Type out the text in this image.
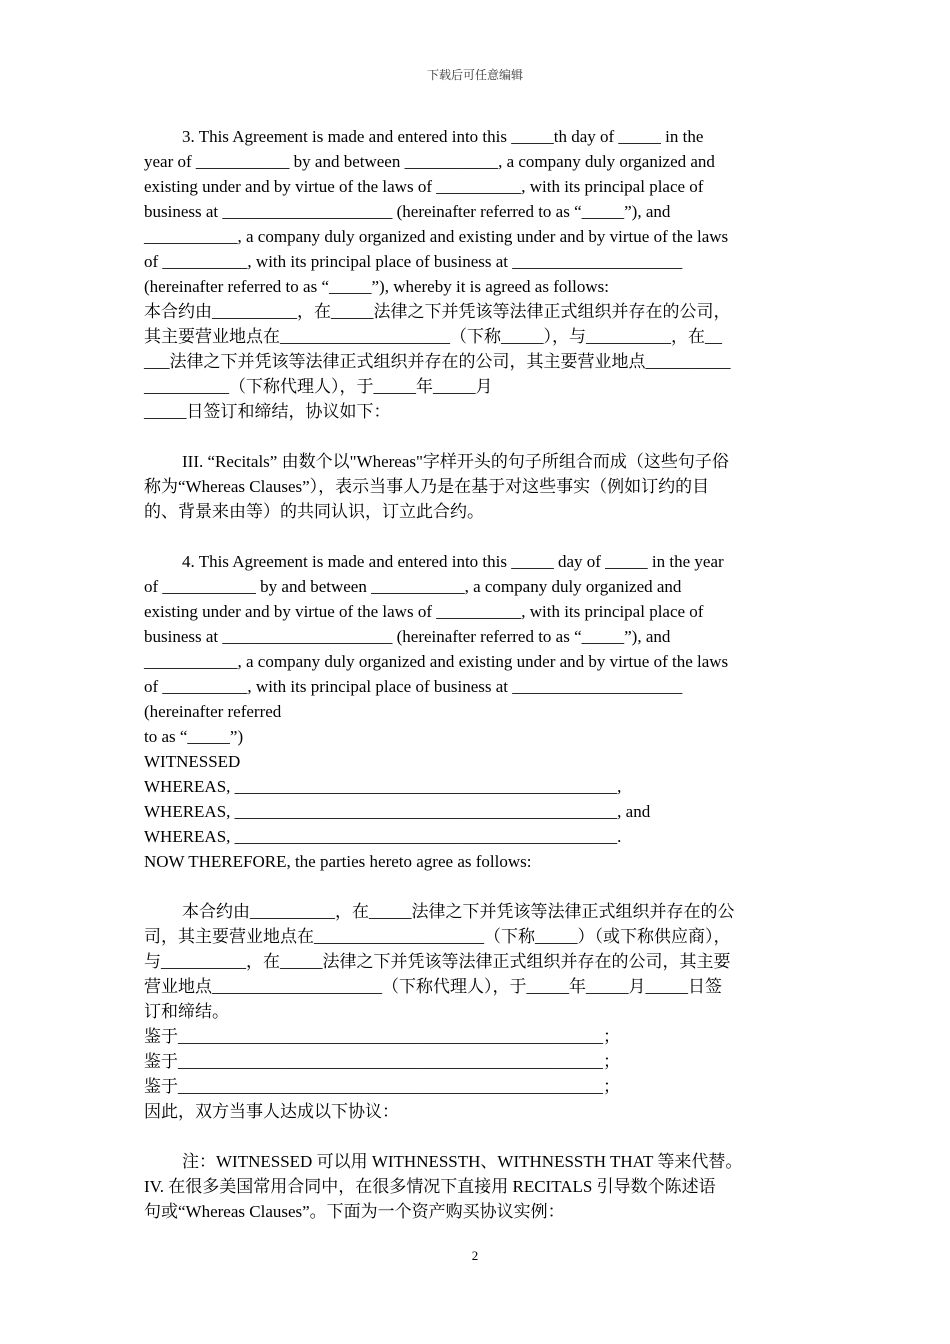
下载后可任意编辑

3. This Agreement is made and entered into this _____th day of _____ in the
year of ___________ by and between ___________, a company duly organized and
existing under and by virtue of the laws of __________, with its principal place of
business at ____________________ (hereinafter referred to as “_____”), and
___________, a company duly organized and existing under and by virtue of the laws
of __________, with its principal place of business at ____________________
(hereinafter referred to as “_____”), whereby it is agreed as follows:
本合约由__________，在_____法律之下并凭该等法律正式组织并存在的公司，
其主要营业地点在____________________（下称_____），与__________，在__
___法律之下并凭该等法律正式组织并存在的公司，其主要营业地点__________
__________（下称代理人），于_____年_____月
_____日签订和缔结，协议如下：

III. “Recitals” 由数个以"Whereas"字样开头的句子所组合而成（这些句子俗
称为“Whereas Clauses”），表示当事人乃是在基于对这些事实（例如订约的目
的、背景来由等）的共同认识，订立此合约。

4. This Agreement is made and entered into this _____ day of _____ in the year
of ___________ by and between ___________, a company duly organized and
existing under and by virtue of the laws of __________, with its principal place of
business at ____________________ (hereinafter referred to as “_____”), and
___________, a company duly organized and existing under and by virtue of the laws
of __________, with its principal place of business at ____________________
(hereinafter referred
to as “_____”)
WITNESSED
WHEREAS, _____________________________________________,
WHEREAS, _____________________________________________, and
WHEREAS, _____________________________________________.
NOW THEREFORE, the parties hereto agree as follows:

本合约由__________，在_____法律之下并凭该等法律正式组织并存在的公
司，其主要营业地点在____________________（下称_____）（或下称供应商），
与__________，在_____法律之下并凭该等法律正式组织并存在的公司，其主要
营业地点____________________（下称代理人），于_____年_____月_____日签
订和缔结。
鉴于__________________________________________________；
鉴于__________________________________________________；
鉴于__________________________________________________；
因此，双方当事人达成以下协议：

注：WITNESSED 可以用 WITHNESSTH、WITHNESSTH THAT 等来代替。
IV. 在很多美国常用合同中，在很多情况下直接用 RECITALS 引导数个陈述语
句或“Whereas Clauses”。下面为一个资产购买协议实例：

2
